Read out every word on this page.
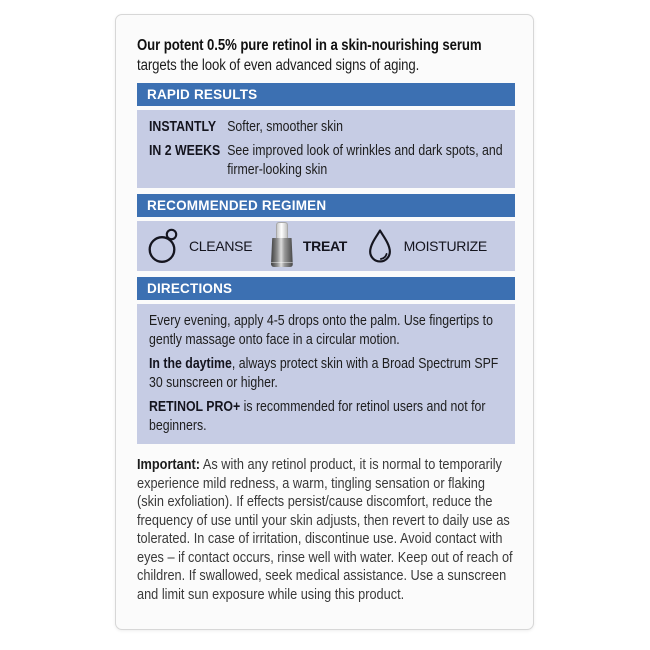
Our potent 0.5% pure retinol in a skin-nourishing serum targets the look of even advanced signs of aging.

RAPID RESULTS
INSTANTLY Softer, smoother skin
IN 2 WEEKS See improved look of wrinkles and dark spots, and firmer-looking skin
RECOMMENDED REGIMEN
CLEANSE	TREAT	MOISTURIZE
DIRECTIONS

Every evening, apply 4-5 drops onto the palm. Use fingertips to gently massage onto face in a circular motion.

In the daytime, always protect skin with a Broad Spectrum SPF 30 sunscreen or higher.

RETINOL PRO+ is recommended for retinol users and not for beginners.

Important: As with any retinol product, it is normal to temporarily experience mild redness, a warm, tingling sensation or flaking (skin exfoliation). If effects persist/cause discomfort, reduce the frequency of use until your skin adjusts, then revert to daily use as tolerated. In case of irritation, discontinue use. Avoid contact with eyes – if contact occurs, rinse well with water. Keep out of reach of children. If swallowed, seek medical assistance. Use a sunscreen and limit sun exposure while using this product.
